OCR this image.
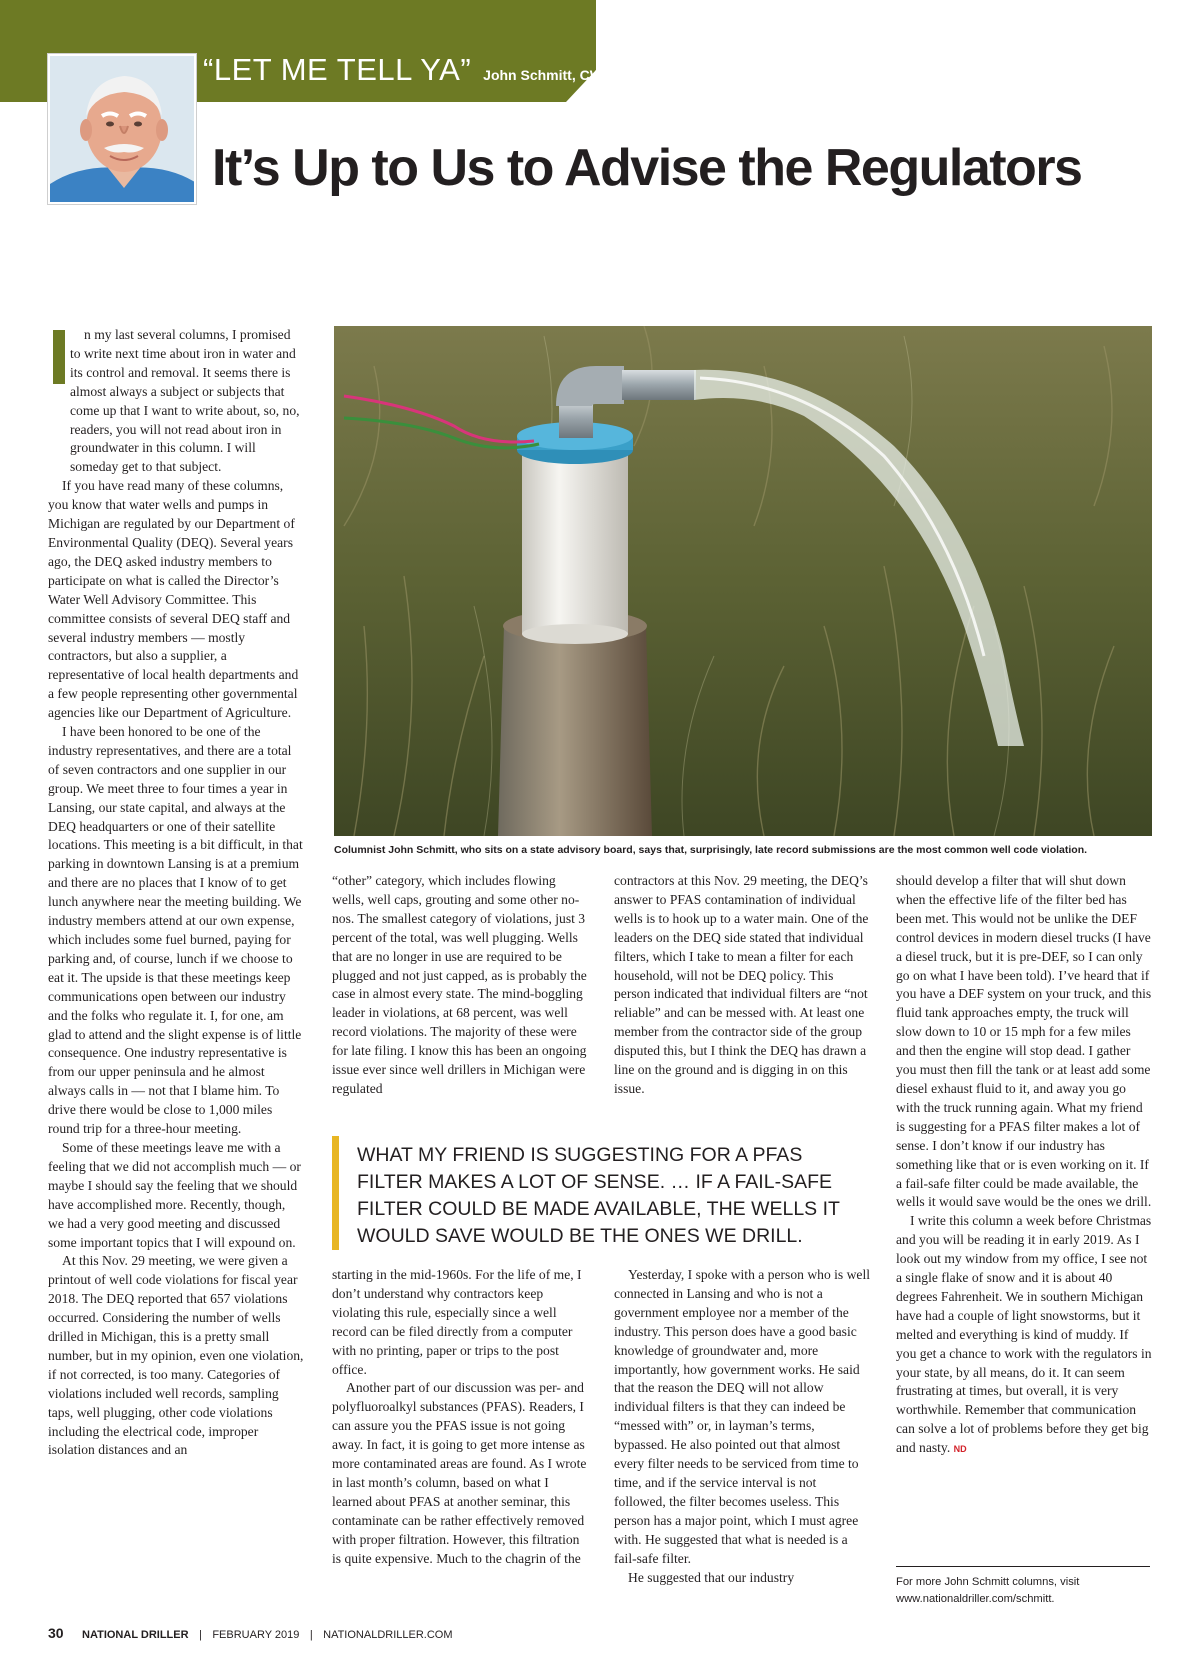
“LET ME TELL YA” John Schmitt, CWD/PI
It’s Up to Us to Advise the Regulators

n my last several columns, I promised to write next time about iron in water and its control and removal. It seems there is almost always a subject or subjects that come up that I want to write about, so, no, readers, you will not read about iron in groundwater in this column. I will someday get to that subject.

If you have read many of these columns, you know that water wells and pumps in Michigan are regulated by our Department of Environmental Quality (DEQ). Several years ago, the DEQ asked industry members to participate on what is called the Director’s Water Well Advisory Committee. This committee consists of several DEQ staff and several industry members — mostly contractors, but also a supplier, a representative of local health departments and a few people representing other governmental agencies like our Department of Agriculture.

I have been honored to be one of the industry representatives, and there are a total of seven contractors and one supplier in our group. We meet three to four times a year in Lansing, our state capital, and always at the DEQ headquarters or one of their satellite locations. This meeting is a bit difficult, in that parking in downtown Lansing is at a premium and there are no places that I know of to get lunch anywhere near the meeting building. We industry members attend at our own expense, which includes some fuel burned, paying for parking and, of course, lunch if we choose to eat it. The upside is that these meetings keep communications open between our industry and the folks who regulate it. I, for one, am glad to attend and the slight expense is of little consequence. One industry representative is from our upper peninsula and he almost always calls in — not that I blame him. To drive there would be close to 1,000 miles round trip for a three-hour meeting.

Some of these meetings leave me with a feeling that we did not accomplish much — or maybe I should say the feeling that we should have accomplished more. Recently, though, we had a very good meeting and discussed some important topics that I will expound on.

At this Nov. 29 meeting, we were given a printout of well code violations for fiscal year 2018. The DEQ reported that 657 violations occurred. Considering the number of wells drilled in Michigan, this is a pretty small number, but in my opinion, even one violation, if not corrected, is too many. Categories of violations included well records, sampling taps, well plugging, other code violations including the electrical code, improper isolation distances and an

Columnist John Schmitt, who sits on a state advisory board, says that, surprisingly, late record submissions are the most common well code violation.

“other” category, which includes flowing wells, well caps, grouting and some other no-nos. The smallest category of violations, just 3 percent of the total, was well plugging. Wells that are no longer in use are required to be plugged and not just capped, as is probably the case in almost every state. The mind-boggling leader in violations, at 68 percent, was well record violations. The majority of these were for late filing. I know this has been an ongoing issue ever since well drillers in Michigan were regulated

contractors at this Nov. 29 meeting, the DEQ’s answer to PFAS contamination of individual wells is to hook up to a water main. One of the leaders on the DEQ side stated that individual filters, which I take to mean a filter for each household, will not be DEQ policy. This person indicated that individual filters are “not reliable” and can be messed with. At least one member from the contractor side of the group disputed this, but I think the DEQ has drawn a line on the ground and is digging in on this issue.

WHAT MY FRIEND IS SUGGESTING FOR A PFAS FILTER MAKES A LOT OF SENSE. … IF A FAIL-SAFE FILTER COULD BE MADE AVAILABLE, THE WELLS IT WOULD SAVE WOULD BE THE ONES WE DRILL.

starting in the mid-1960s. For the life of me, I don’t understand why contractors keep violating this rule, especially since a well record can be filed directly from a computer with no printing, paper or trips to the post office.

Another part of our discussion was per- and polyfluoroalkyl substances (PFAS). Readers, I can assure you the PFAS issue is not going away. In fact, it is going to get more intense as more contaminated areas are found. As I wrote in last month’s column, based on what I learned about PFAS at another seminar, this contaminate can be rather effectively removed with proper filtration. However, this filtration is quite expensive. Much to the chagrin of the

Yesterday, I spoke with a person who is well connected in Lansing and who is not a government employee nor a member of the industry. This person does have a good basic knowledge of groundwater and, more importantly, how government works. He said that the reason the DEQ will not allow individual filters is that they can indeed be “messed with” or, in layman’s terms, bypassed. He also pointed out that almost every filter needs to be serviced from time to time, and if the service interval is not followed, the filter becomes useless. This person has a major point, which I must agree with. He suggested that what is needed is a fail-safe filter.

He suggested that our industry

should develop a filter that will shut down when the effective life of the filter bed has been met. This would not be unlike the DEF control devices in modern diesel trucks (I have a diesel truck, but it is pre-DEF, so I can only go on what I have been told). I’ve heard that if you have a DEF system on your truck, and this fluid tank approaches empty, the truck will slow down to 10 or 15 mph for a few miles and then the engine will stop dead. I gather you must then fill the tank or at least add some diesel exhaust fluid to it, and away you go with the truck running again. What my friend is suggesting for a PFAS filter makes a lot of sense. I don’t know if our industry has something like that or is even working on it. If a fail-safe filter could be made available, the wells it would save would be the ones we drill.

I write this column a week before Christmas and you will be reading it in early 2019. As I look out my window from my office, I see not a single flake of snow and it is about 40 degrees Fahrenheit. We in southern Michigan have had a couple of light snowstorms, but it melted and everything is kind of muddy. If you get a chance to work with the regulators in your state, by all means, do it. It can seem frustrating at times, but overall, it is very worthwhile. Remember that communication can solve a lot of problems before they get big and nasty. ND

For more John Schmitt columns, visit www.nationaldriller.com/schmitt.
30 NATIONAL DRILLER | FEBRUARY 2019 | NATIONALDRILLER.COM
